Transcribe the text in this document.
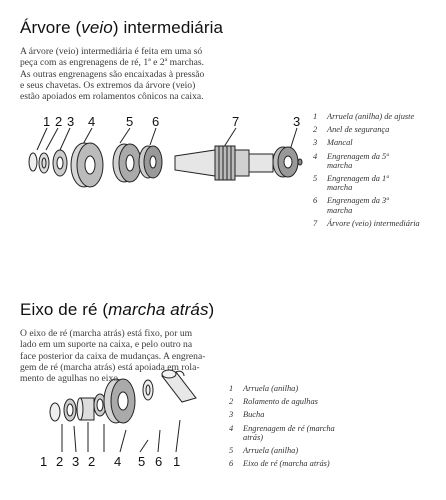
Árvore (veio) intermediária
A árvore (veio) intermediária é feita em uma só
peça com as engrenagens de ré, 1ª e 2ª marchas.
As outras engrenagens são encaixadas à pressão
e seus chavetas. Os extremos da árvore (veio)
estão apoiados em rolamentos cônicos na caixa.
1 2 3 4 5 6	7	3 1	Arruela (anilha) de ajuste
2	Anel de segurança
3	Mancal
4	Engrenagem da 5ª marcha
5	Engrenagem da 1ª marcha
6	Engrenagem da 3ª marcha
7	Árvore (veio) intermediária
Eixo de ré (marcha atrás)
O eixo de ré (marcha atrás) está fixo, por um
lado em um suporte na caixa, e pelo outro na
face posterior da caixa de mudanças. A engrena-
gem de ré (marcha atrás) está apoiada em rola-
mento de agulhas no eixo.
1 2 3 2 4 5 6 1
1	Arruela (anilha)
2	Rolamento de agulhas
3	Bucha
4	Engrenagem de ré (marcha atrás)
5	Arruela (anilha)
6	Eixo de ré (marcha atrás)
